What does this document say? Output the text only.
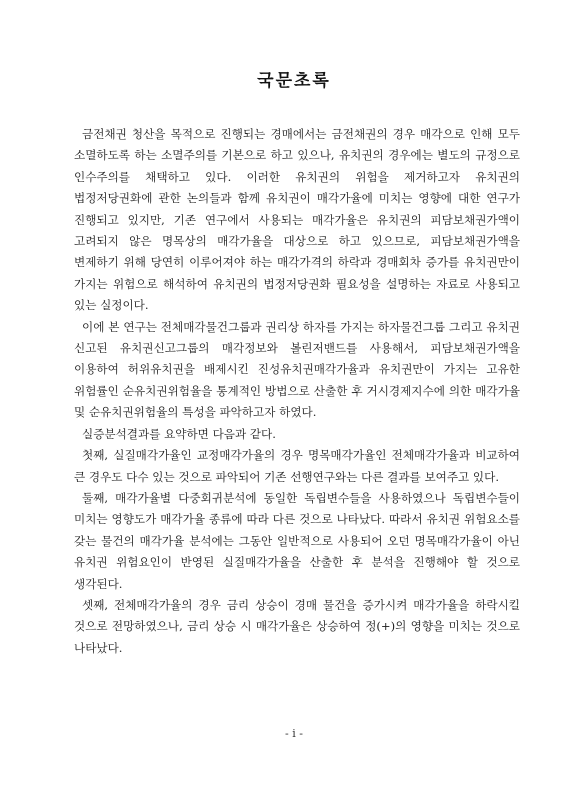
국문초록

금전채권 청산을 목적으로 진행되는 경매에서는 금전채권의 경우 매각으로 인해 모두 소멸하도록 하는 소멸주의를 기본으로 하고 있으나, 유치권의 경우에는 별도의 규정으로 인수주의를 채택하고 있다. 이러한 유치권의 위험을 제거하고자 유치권의 법정저당권화에 관한 논의들과 함께 유치권이 매각가율에 미치는 영향에 대한 연구가 진행되고 있지만, 기존 연구에서 사용되는 매각가율은 유치권의 피담보채권가액이 고려되지 않은 명목상의 매각가율을 대상으로 하고 있으므로, 피담보채권가액을 변제하기 위해 당연히 이루어져야 하는 매각가격의 하락과 경매회차 증가를 유치권만이 가지는 위험으로 해석하여 유치권의 법정저당권화 필요성을 설명하는 자료로 사용되고 있는 실정이다.

이에 본 연구는 전체매각물건그룹과 권리상 하자를 가지는 하자물건그룹 그리고 유치권 신고된 유치권신고그룹의 매각정보와 볼린저밴드를 사용해서, 피담보채권가액을 이용하여 허위유치권을 배제시킨 진성유치권매각가율과 유치권만이 가지는 고유한 위험률인 순유치권위험율을 통계적인 방법으로 산출한 후 거시경제지수에 의한 매각가율 및 순유치권위험율의 특성을 파악하고자 하였다.

실증분석결과를 요약하면 다음과 같다.

첫째, 실질매각가율인 교정매각가율의 경우 명목매각가율인 전체매각가율과 비교하여 큰 경우도 다수 있는 것으로 파악되어 기존 선행연구와는 다른 결과를 보여주고 있다.

둘째, 매각가율별 다중회귀분석에 동일한 독립변수들을 사용하였으나 독립변수들이 미치는 영향도가 매각가율 종류에 따라 다른 것으로 나타났다. 따라서 유치권 위험요소를 갖는 물건의 매각가율 분석에는 그동안 일반적으로 사용되어 오던 명목매각가율이 아닌 유치권 위험요인이 반영된 실질매각가율을 산출한 후 분석을 진행해야 할 것으로 생각된다.

셋째, 전체매각가율의 경우 금리 상승이 경매 물건을 증가시켜 매각가율을 하락시킬 것으로 전망하였으나, 금리 상승 시 매각가율은 상승하여 정(+)의 영향을 미치는 것으로 나타났다.

- i -
